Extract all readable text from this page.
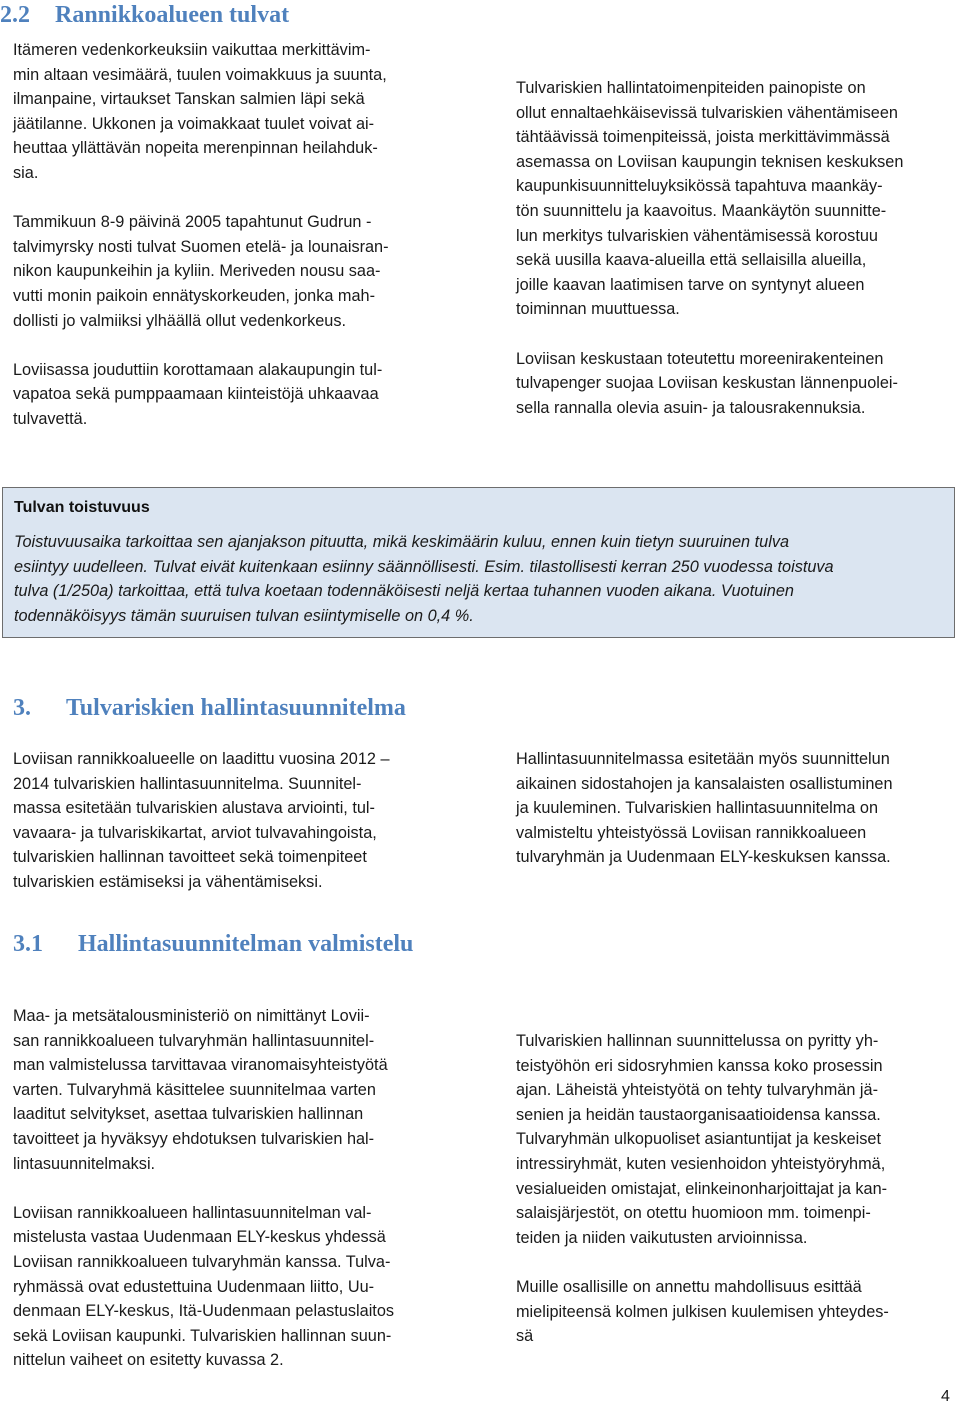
2.2 Rannikkoalueen tulvat

Itämeren vedenkorkeuksiin vaikuttaa merkittävim-
min altaan vesimäärä, tuulen voimakkuus ja suunta,
ilmanpaine, virtaukset Tanskan salmien läpi sekä
jäätilanne. Ukkonen ja voimakkaat tuulet voivat ai-
heuttaa yllättävän nopeita merenpinnan heilahduk-
sia.

Tammikuun 8-9 päivinä 2005 tapahtunut Gudrun -
talvimyrsky nosti tulvat Suomen etelä- ja lounaisran-
nikon kaupunkeihin ja kyliin. Meriveden nousu saa-
vutti monin paikoin ennätyskorkeuden, jonka mah-
dollisti jo valmiiksi ylhäällä ollut vedenkorkeus.

Loviisassa jouduttiin korottamaan alakaupungin tul-
vapatoa sekä pumppaamaan kiinteistöjä uhkaavaa
tulvavettä.

Tulvariskien hallintatoimenpiteiden painopiste on
ollut ennaltaehkäisevissä tulvariskien vähentämiseen
tähtäävissä toimenpiteissä, joista merkittävimmässä
asemassa on Loviisan kaupungin teknisen keskuksen
kaupunkisuunnitteluyksikössä tapahtuva maankäy-
tön suunnittelu ja kaavoitus. Maankäytön suunnitte-
lun merkitys tulvariskien vähentämisessä korostuu
sekä uusilla kaava-alueilla että sellaisilla alueilla,
joille kaavan laatimisen tarve on syntynyt alueen
toiminnan muuttuessa.

Loviisan keskustaan toteutettu moreenirakenteinen
tulvapenger suojaa Loviisan keskustan lännenpuolei-
sella rannalla olevia asuin- ja talousrakennuksia.

Tulvan toistuvuus

Toistuvuusaika tarkoittaa sen ajanjakson pituutta, mikä keskimäärin kuluu, ennen kuin tietyn suuruinen tulva
esiintyy uudelleen. Tulvat eivät kuitenkaan esiinny säännöllisesti. Esim. tilastollisesti kerran 250 vuodessa toistuva
tulva (1/250a) tarkoittaa, että tulva koetaan todennäköisesti neljä kertaa tuhannen vuoden aikana. Vuotuinen
todennäköisyys tämän suuruisen tulvan esiintymiselle on 0,4 %.

3. Tulvariskien hallintasuunnitelma

Loviisan rannikkoalueelle on laadittu vuosina 2012 –
2014 tulvariskien hallintasuunnitelma. Suunnitel-
massa esitetään tulvariskien alustava arviointi, tul-
vavaara- ja tulvariskikartat, arviot tulvavahingoista,
tulvariskien hallinnan tavoitteet sekä toimenpiteet
tulvariskien estämiseksi ja vähentämiseksi.

Hallintasuunnitelmassa esitetään myös suunnittelun
aikainen sidostahojen ja kansalaisten osallistuminen
ja kuuleminen. Tulvariskien hallintasuunnitelma on
valmisteltu yhteistyössä Loviisan rannikkoalueen
tulvaryhmän ja Uudenmaan ELY-keskuksen kanssa.

3.1 Hallintasuunnitelman valmistelu

Maa- ja metsätalousministeriö on nimittänyt Lovii-
san rannikkoalueen tulvaryhmän hallintasuunnitel-
man valmistelussa tarvittavaa viranomaisyhteistyötä
varten. Tulvaryhmä käsittelee suunnitelmaa varten
laaditut selvitykset, asettaa tulvariskien hallinnan
tavoitteet ja hyväksyy ehdotuksen tulvariskien hal-
lintasuunnitelmaksi.

Loviisan rannikkoalueen hallintasuunnitelman val-
mistelusta vastaa Uudenmaan ELY-keskus yhdessä
Loviisan rannikkoalueen tulvaryhmän kanssa. Tulva-
ryhmässä ovat edustettuina Uudenmaan liitto, Uu-
denmaan ELY-keskus, Itä-Uudenmaan pelastuslaitos
sekä Loviisan kaupunki. Tulvariskien hallinnan suun-
nittelun vaiheet on esitetty kuvassa 2.

Tulvariskien hallinnan suunnittelussa on pyritty yh-
teistyöhön eri sidosryhmien kanssa koko prosessin
ajan. Läheistä yhteistyötä on tehty tulvaryhmän jä-
senien ja heidän taustaorganisaatioidensa kanssa.
Tulvaryhmän ulkopuoliset asiantuntijat ja keskeiset
intressiryhmät, kuten vesienhoidon yhteistyöryhmä,
vesialueiden omistajat, elinkeinonharjoittajat ja kan-
salaisjärjestöt, on otettu huomioon mm. toimenpi-
teiden ja niiden vaikutusten arvioinnissa.

Muille osallisille on annettu mahdollisuus esittää
mielipiteensä kolmen julkisen kuulemisen yhteydes-
sä

4
